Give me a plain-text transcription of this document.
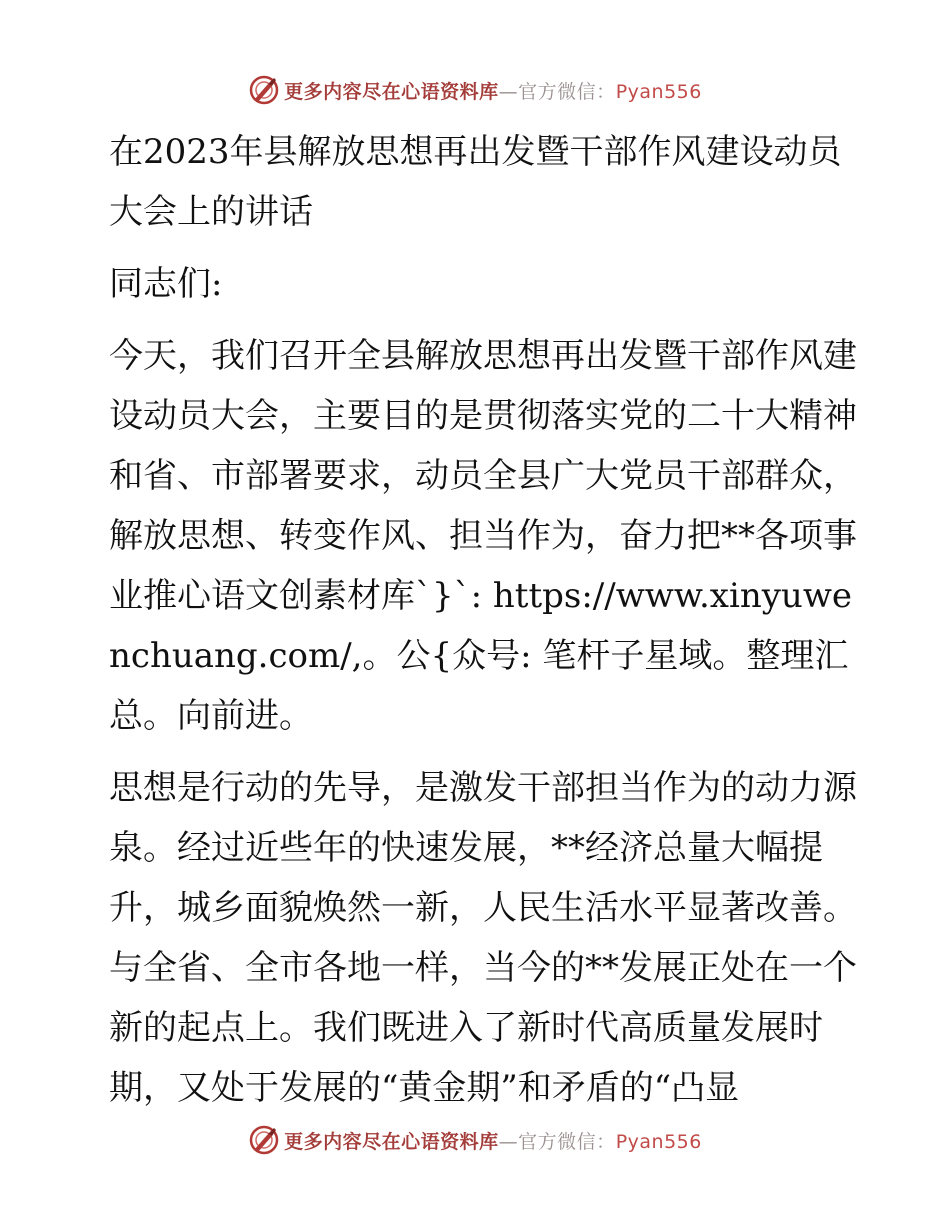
更多内容尽在心语资料库—官方微信：Pyan556

在2023年县解放思想再出发暨干部作风建设动员大会上的讲话

同志们:

今天，我们召开全县解放思想再出发暨干部作风建设动员大会，主要目的是贯彻落实党的二十大精神和省、市部署要求，动员全县广大党员干部群众，解放思想、转变作风、担当作为，奋力把**各项事业推心语文创素材库`}`: https://www.xinyuwenchuang.com/,。公{众号: 笔杆子星域。整理汇总。向前进。

思想是行动的先导，是激发干部担当作为的动力源泉。经过近些年的快速发展，**经济总量大幅提升，城乡面貌焕然一新，人民生活水平显著改善。与全省、全市各地一样，当今的**发展正处在一个新的起点上。我们既进入了新时代高质量发展时期，又处于发展的“黄金期”和矛盾的“凸显

更多内容尽在心语资料库—官方微信：Pyan556
